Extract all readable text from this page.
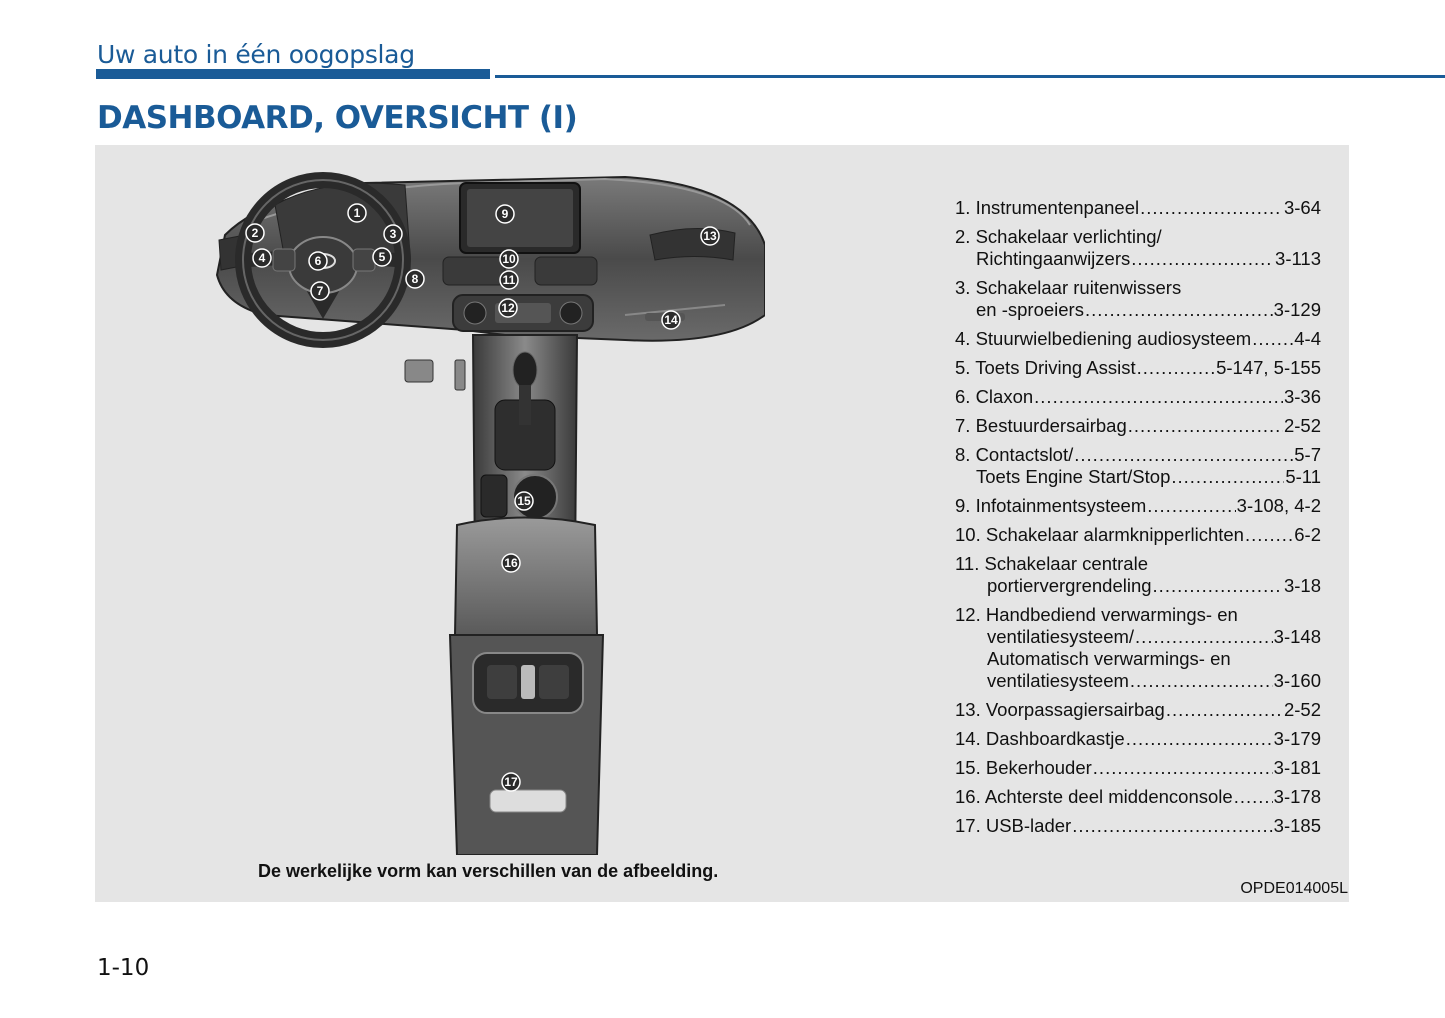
Uw auto in één oogopslag
DASHBOARD, OVERSICHT (I)
1
2	3
4	5
6
7
8
9
10
11
12
13
14
15
16
17
1. Instrumentenpaneel .....	3-64
2. Schakelaar verlichting/
Richtingaanwijzers .....	3-113
3. Schakelaar ruitenwissers
en -sproeiers .....	3-129
4. Stuurwielbediening audiosysteem ..... 4-4
5. Toets Driving Assist .....	5-147, 5-155
6. Claxon .....	3-36
7. Bestuurdersairbag .....	2-52
8. Contactslot/ .....	5-7
Toets Engine Start/Stop .....	5-11
9. Infotainmentsysteem .....	3-108, 4-2
10. Schakelaar alarmknipperlichten .....	6-2
11. Schakelaar centrale
portiervergrendeling .....	3-18
12. Handbediend verwarmings- en
ventilatiesysteem/ .....	3-148
Automatisch verwarmings- en
ventilatiesysteem .....	3-160
13. Voorpassagiersairbag .....	2-52
14. Dashboardkastje .....	3-179
15. Bekerhouder .....	3-181
16. Achterste deel middenconsole ..... 3-178
17. USB-lader .....	3-185
De werkelijke vorm kan verschillen van de afbeelding.
OPDE014005L
1-10
